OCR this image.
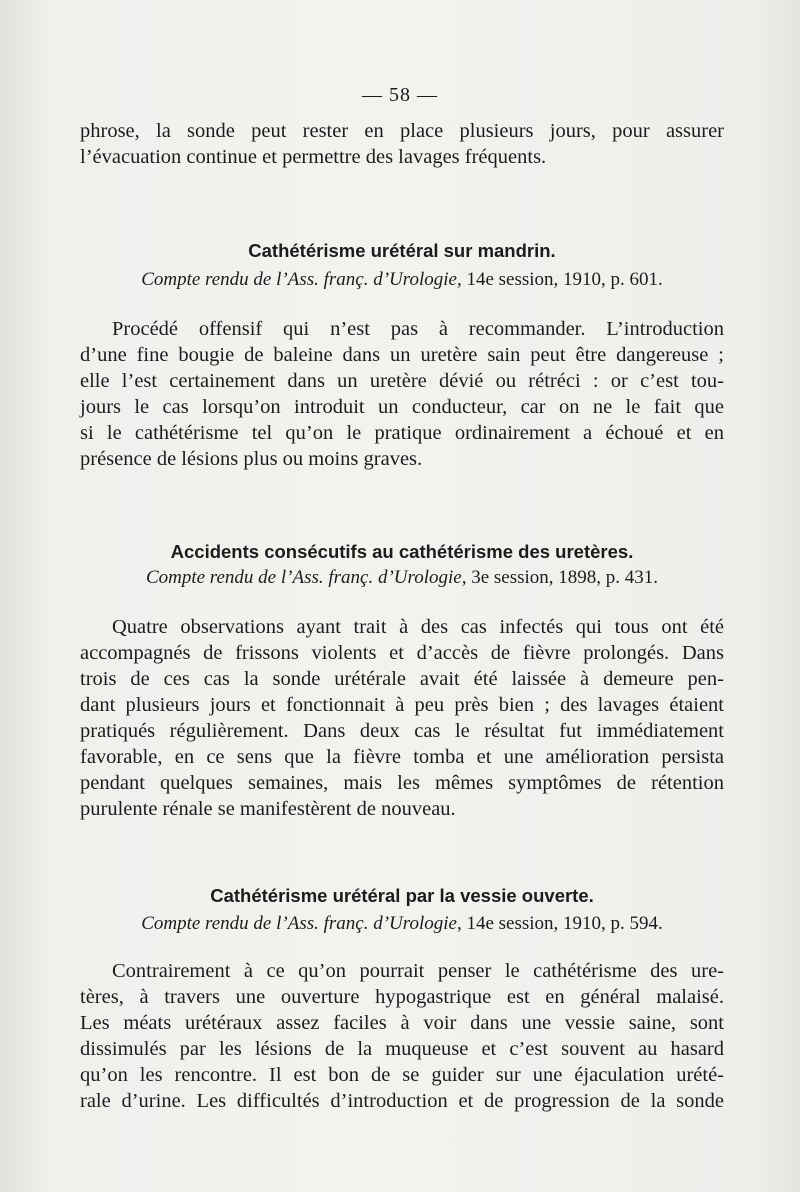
— 58 —
phrose, la sonde peut rester en place plusieurs jours, pour assurer
l’évacuation continue et permettre des lavages fréquents.
Cathétérisme urétéral sur mandrin.

Compte rendu de l’Ass. franç. d’Urologie, 14e session, 1910, p. 601.

Procédé offensif qui n’est pas à recommander. L’introduction
d’une fine bougie de baleine dans un uretère sain peut être dangereuse ;
elle l’est certainement dans un uretère dévié ou rétréci : or c’est tou-
jours le cas lorsqu’on introduit un conducteur, car on ne le fait que
si le cathétérisme tel qu’on le pratique ordinairement a échoué et en
présence de lésions plus ou moins graves.
Accidents consécutifs au cathétérisme des uretères.

Compte rendu de l’Ass. franç. d’Urologie, 3e session, 1898, p. 431.

Quatre observations ayant trait à des cas infectés qui tous ont été
accompagnés de frissons violents et d’accès de fièvre prolongés. Dans
trois de ces cas la sonde urétérale avait été laissée à demeure pen-
dant plusieurs jours et fonctionnait à peu près bien ; des lavages étaient
pratiqués régulièrement. Dans deux cas le résultat fut immédiatement
favorable, en ce sens que la fièvre tomba et une amélioration persista
pendant quelques semaines, mais les mêmes symptômes de rétention
purulente rénale se manifestèrent de nouveau.
Cathétérisme urétéral par la vessie ouverte.

Compte rendu de l’Ass. franç. d’Urologie, 14e session, 1910, p. 594.

Contrairement à ce qu’on pourrait penser le cathétérisme des ure-
tères, à travers une ouverture hypogastrique est en général malaisé.
Les méats urétéraux assez faciles à voir dans une vessie saine, sont
dissimulés par les lésions de la muqueuse et c’est souvent au hasard
qu’on les rencontre. Il est bon de se guider sur une éjaculation urété-
rale d’urine. Les difficultés d’introduction et de progression de la sonde
